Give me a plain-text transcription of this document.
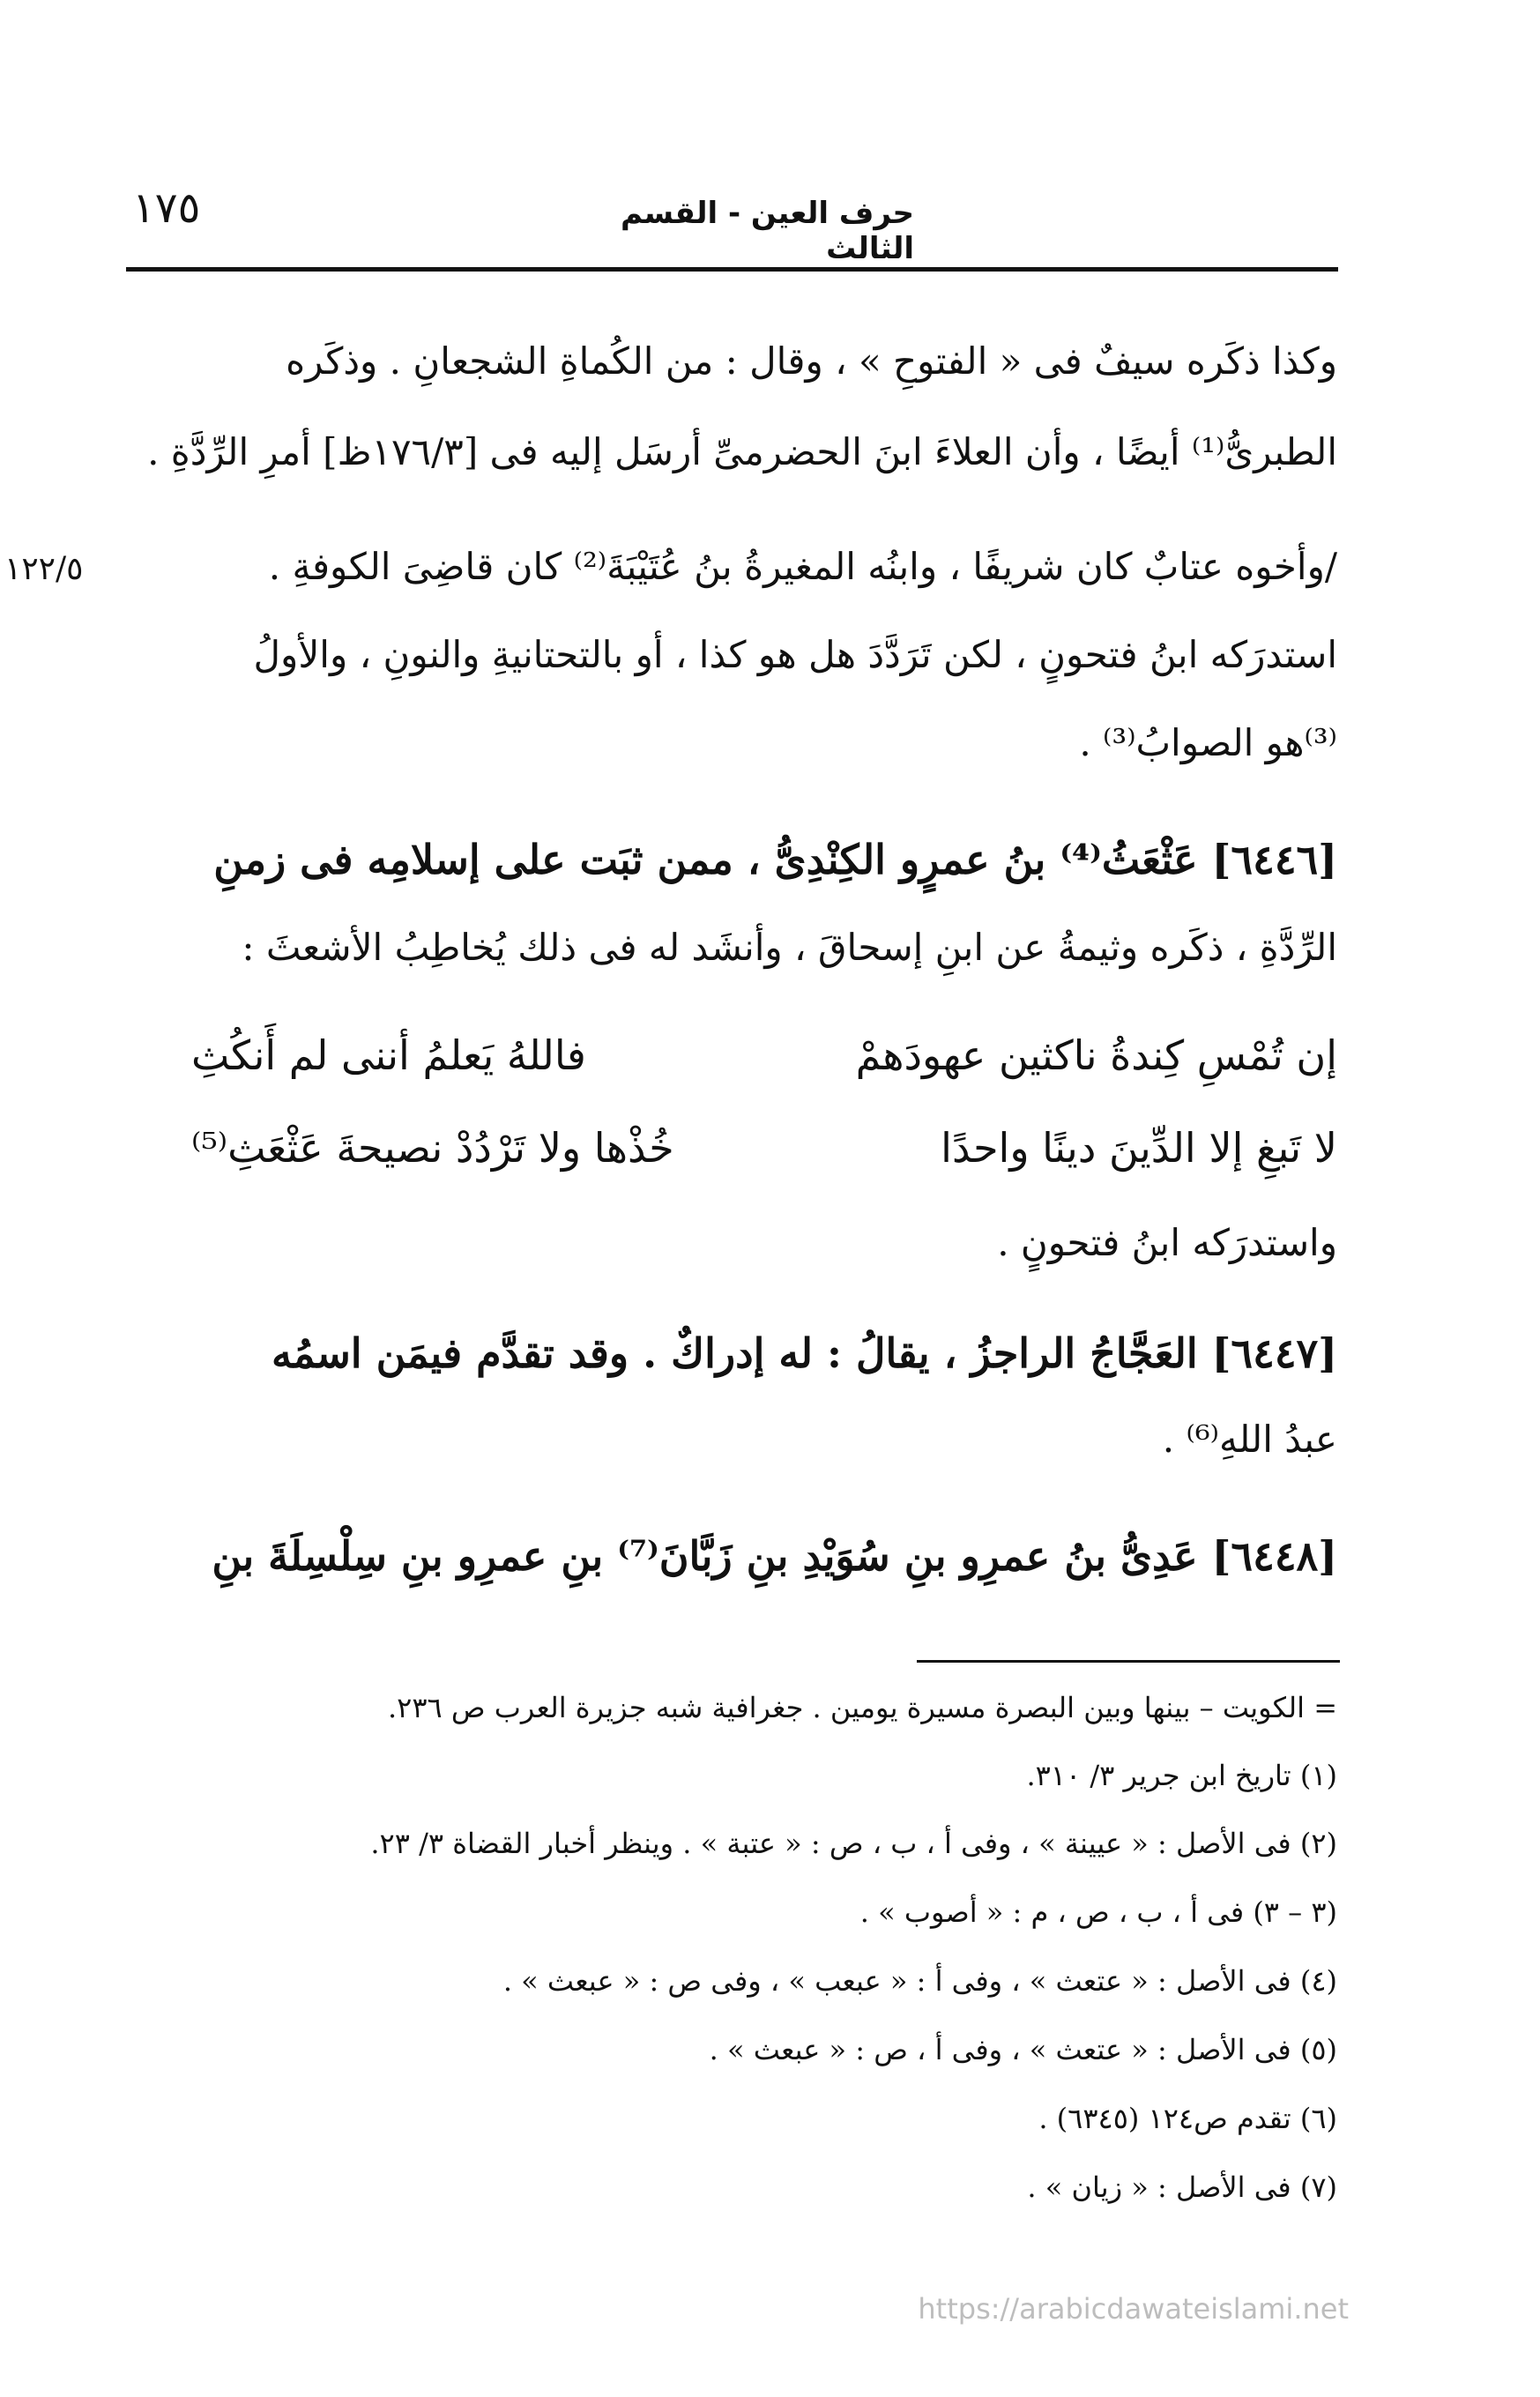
حرف العين - القسم الثالث
١٧٥
١٢٢/٥
وكذا ذكَره سيفٌ فى « الفتوحِ » ، وقال : من الكُماةِ الشجعانِ . وذكَره
الطبرىُّ⁽¹⁾ أيضًا ، وأن العلاءَ ابنَ الحضرمىِّ أرسَل إليه فى [١٧٦/٣ظ] أمرِ الرِّدَّةِ .
/وأخوه عتابٌ كان شريفًا ، وابنُه المغيرةُ بنُ عُتَيْبَةَ⁽²⁾ كان قاضِىَ الكوفةِ .
استدرَكه ابنُ فتحونٍ ، لكن تَرَدَّدَ هل هو كذا ، أو بالتحتانيةِ والنونِ ، والأولُ
⁽³⁾هو الصوابُ⁽³⁾ .
[٦٤٤٦] عَثْعَثُ⁽⁴⁾ بنُ عمرٍو الكِنْدِىُّ ، ممن ثبَت على إسلامِه فى زمنِ
الرِّدَّةِ ، ذكَره وثيمةُ عن ابنِ إسحاقَ ، وأنشَد له فى ذلك يُخاطِبُ الأشعثَ :
إن تُمْسِ كِندةُ ناكثين عهودَهمْ
فاللهُ يَعلمُ أننى لم أَنكُثِ
لا تَبغِ إلا الدِّينَ دينًا واحدًا
خُذْها ولا تَرْدُدْ نصيحةَ عَثْعَثِ⁽⁵⁾
واستدرَكه ابنُ فتحونٍ .
[٦٤٤٧] العَجَّاجُ الراجزُ ، يقالُ : له إدراكٌ . وقد تقدَّم فيمَن اسمُه
عبدُ اللهِ⁽⁶⁾ .
[٦٤٤٨] عَدِىُّ بنُ عمرِو بنِ سُوَيْدِ بنِ زَبَّانَ⁽⁷⁾ بنِ عمرِو بنِ سِلْسِلَةَ بنِ
= الكويت – بينها وبين البصرة مسيرة يومين . جغرافية شبه جزيرة العرب ص ٢٣٦.
(١) تاريخ ابن جرير ٣/ ٣١٠.
(٢) فى الأصل : « عيينة » ، وفى أ ، ب ، ص : « عتبة » . وينظر أخبار القضاة ٣/ ٢٣.
(٣ – ٣) فى أ ، ب ، ص ، م : « أصوب » .
(٤) فى الأصل : « عتعث » ، وفى أ : « عبعب » ، وفى ص : « عبعث » .
(٥) فى الأصل : « عتعث » ، وفى أ ، ص : « عبعث » .
(٦) تقدم ص١٢٤ (٦٣٤٥) .
(٧) فى الأصل : « زيان » .
https://arabicdawateislami.net
